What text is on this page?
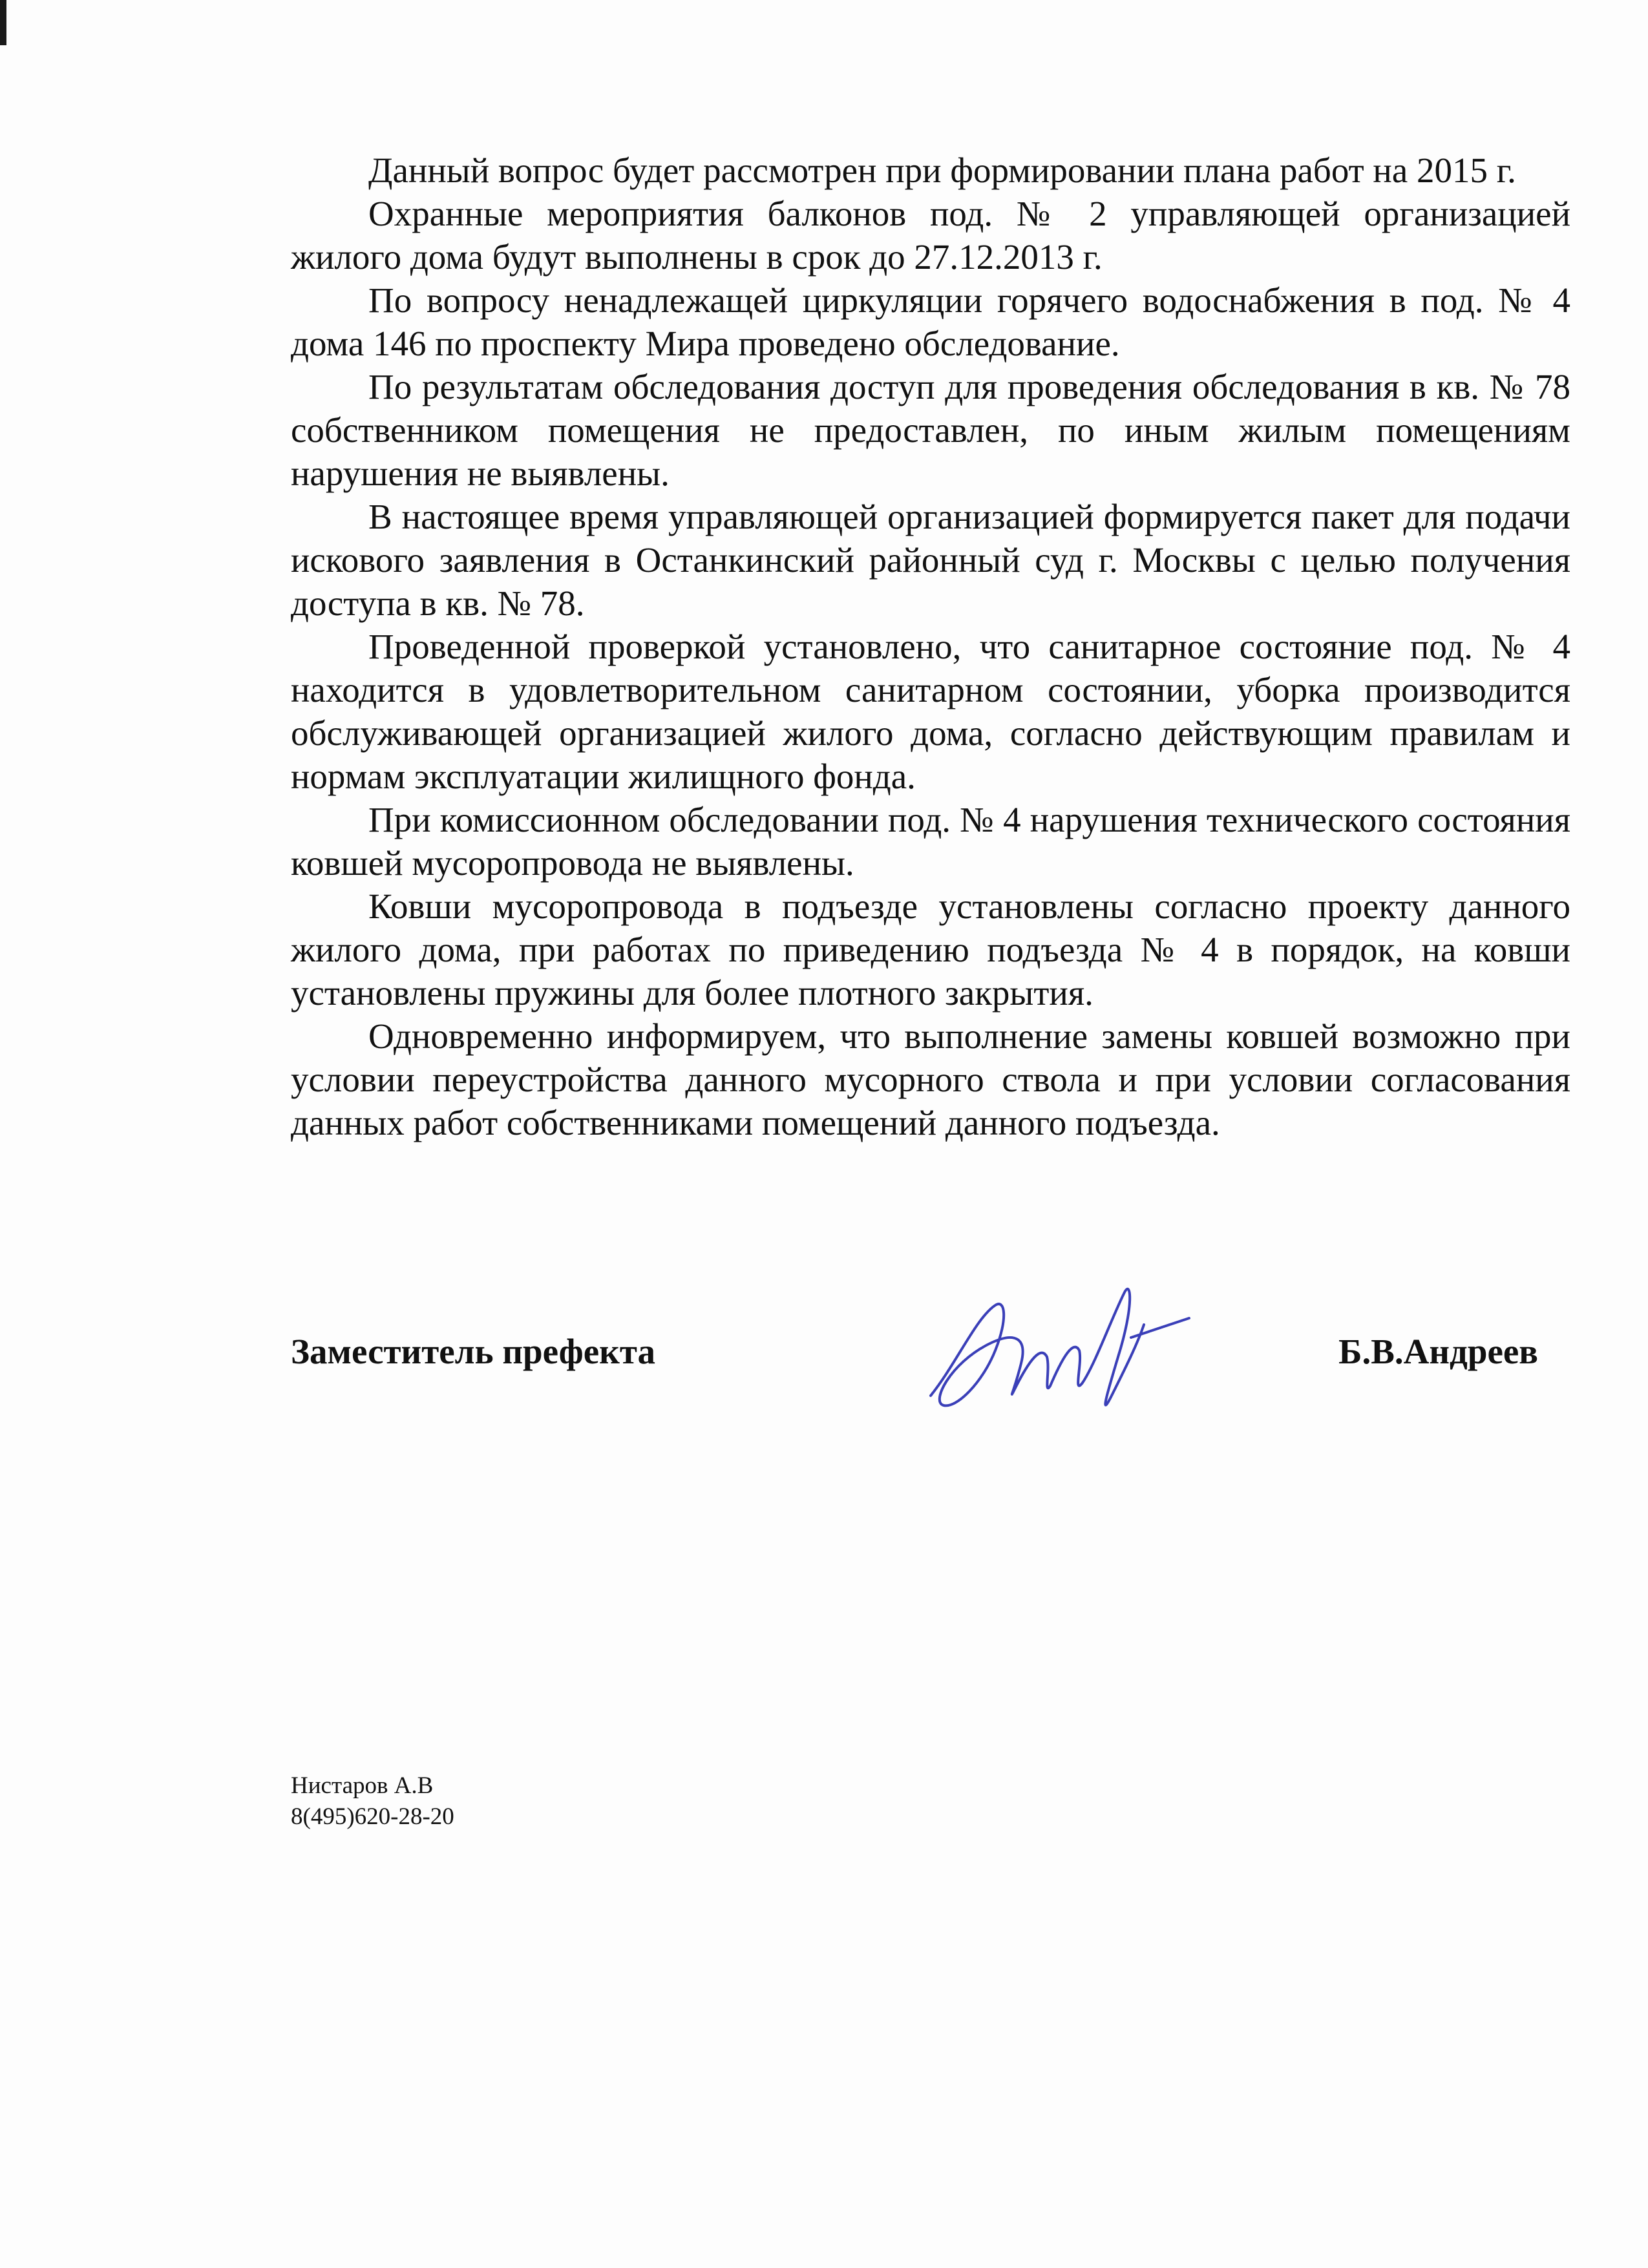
Данный вопрос будет рассмотрен при формировании плана работ на 2015 г.

Охранные мероприятия балконов под. № 2 управляющей организацией жилого дома будут выполнены в срок до 27.12.2013 г.

По вопросу ненадлежащей циркуляции горячего водоснабжения в под. № 4 дома 146 по проспекту Мира проведено обследование.

По результатам обследования доступ для проведения обследования в кв. № 78 собственником помещения не предоставлен, по иным жилым помещениям нарушения не выявлены.

В настоящее время управляющей организацией формируется пакет для подачи искового заявления в Останкинский районный суд г. Москвы с целью получения доступа в кв. № 78.

Проведенной проверкой установлено, что санитарное состояние под. № 4 находится в удовлетворительном санитарном состоянии, уборка производится обслуживающей организацией жилого дома, согласно действующим правилам и нормам эксплуатации жилищного фонда.

При комиссионном обследовании под. № 4 нарушения технического состояния ковшей мусоропровода не выявлены.

Ковши мусоропровода в подъезде установлены согласно проекту данного жилого дома, при работах по приведению подъезда № 4 в порядок, на ковши установлены пружины для более плотного закрытия.

Одновременно информируем, что выполнение замены ковшей возможно при условии переустройства данного мусорного ствола и при условии согласования данных работ собственниками помещений данного подъезда.

Заместитель префекта	Б.В.Андреев
Нистаров А.В
8(495)620-28-20
